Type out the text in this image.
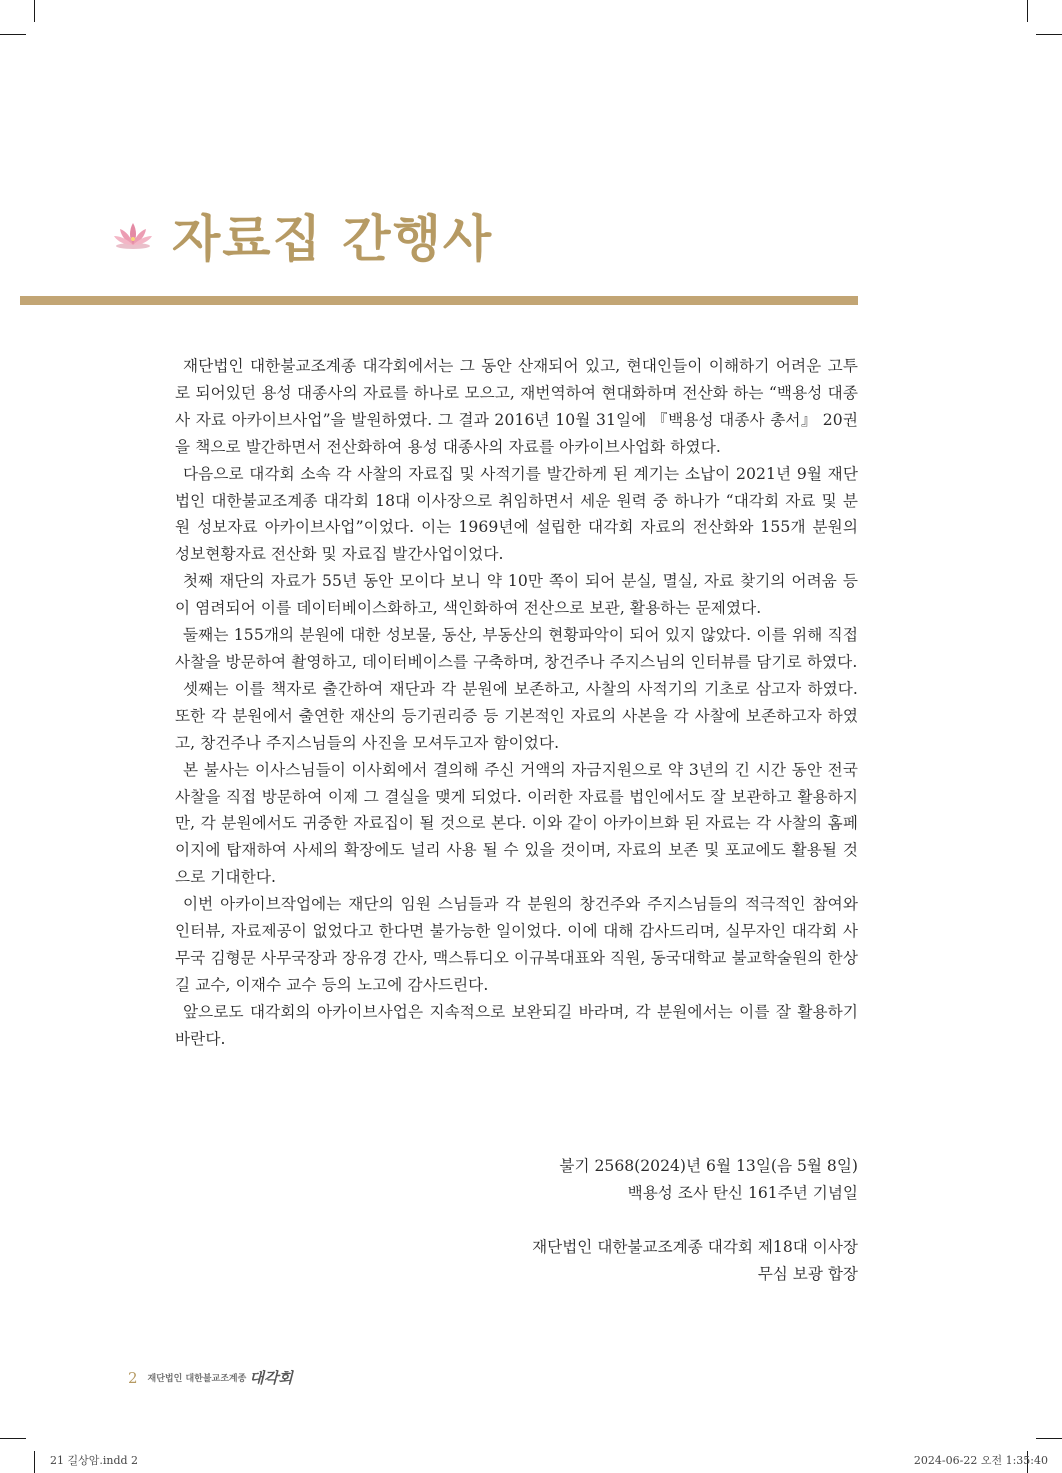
자료집 간행사

재단법인 대한불교조계종 대각회에서는 그 동안 산재되어 있고, 현대인들이 이해하기 어려운 고투로 되어있던 용성 대종사의 자료를 하나로 모으고, 재번역하여 현대화하며 전산화 하는 “백용성 대종사 자료 아카이브사업”을 발원하였다. 그 결과 2016년 10월 31일에 『백용성 대종사 총서』 20권을 책으로 발간하면서 전산화하여 용성 대종사의 자료를 아카이브사업화 하였다.

다음으로 대각회 소속 각 사찰의 자료집 및 사적기를 발간하게 된 계기는 소납이 2021년 9월 재단법인 대한불교조계종 대각회 18대 이사장으로 취임하면서 세운 원력 중 하나가 “대각회 자료 및 분원 성보자료 아카이브사업”이었다. 이는 1969년에 설립한 대각회 자료의 전산화와 155개 분원의 성보현황자료 전산화 및 자료집 발간사업이었다.

첫째 재단의 자료가 55년 동안 모이다 보니 약 10만 쪽이 되어 분실, 멸실, 자료 찾기의 어려움 등이 염려되어 이를 데이터베이스화하고, 색인화하여 전산으로 보관, 활용하는 문제였다.

둘째는 155개의 분원에 대한 성보물, 동산, 부동산의 현황파악이 되어 있지 않았다. 이를 위해 직접 사찰을 방문하여 촬영하고, 데이터베이스를 구축하며, 창건주나 주지스님의 인터뷰를 담기로 하였다.

셋째는 이를 책자로 출간하여 재단과 각 분원에 보존하고, 사찰의 사적기의 기초로 삼고자 하였다. 또한 각 분원에서 출연한 재산의 등기권리증 등 기본적인 자료의 사본을 각 사찰에 보존하고자 하였고, 창건주나 주지스님들의 사진을 모셔두고자 함이었다.

본 불사는 이사스님들이 이사회에서 결의해 주신 거액의 자금지원으로 약 3년의 긴 시간 동안 전국사찰을 직접 방문하여 이제 그 결실을 맺게 되었다. 이러한 자료를 법인에서도 잘 보관하고 활용하지만, 각 분원에서도 귀중한 자료집이 될 것으로 본다. 이와 같이 아카이브화 된 자료는 각 사찰의 홈페이지에 탑재하여 사세의 확장에도 널리 사용 될 수 있을 것이며, 자료의 보존 및 포교에도 활용될 것으로 기대한다.

이번 아카이브작업에는 재단의 임원 스님들과 각 분원의 창건주와 주지스님들의 적극적인 참여와 인터뷰, 자료제공이 없었다고 한다면 불가능한 일이었다. 이에 대해 감사드리며, 실무자인 대각회 사무국 김형문 사무국장과 장유경 간사, 맥스튜디오 이규복대표와 직원, 동국대학교 불교학술원의 한상길 교수, 이재수 교수 등의 노고에 감사드린다.

앞으로도 대각회의 아카이브사업은 지속적으로 보완되길 바라며, 각 분원에서는 이를 잘 활용하기 바란다.

불기 2568(2024)년 6월 13일(음 5월 8일)
백용성 조사 탄신 161주년 기념일
재단법인 대한불교조계종 대각회 제18대 이사장
무심 보광 합장
2 재단법인 대한불교조계종 대각회
21 길상암.indd 2	2024-06-22 오전 1:35:40
